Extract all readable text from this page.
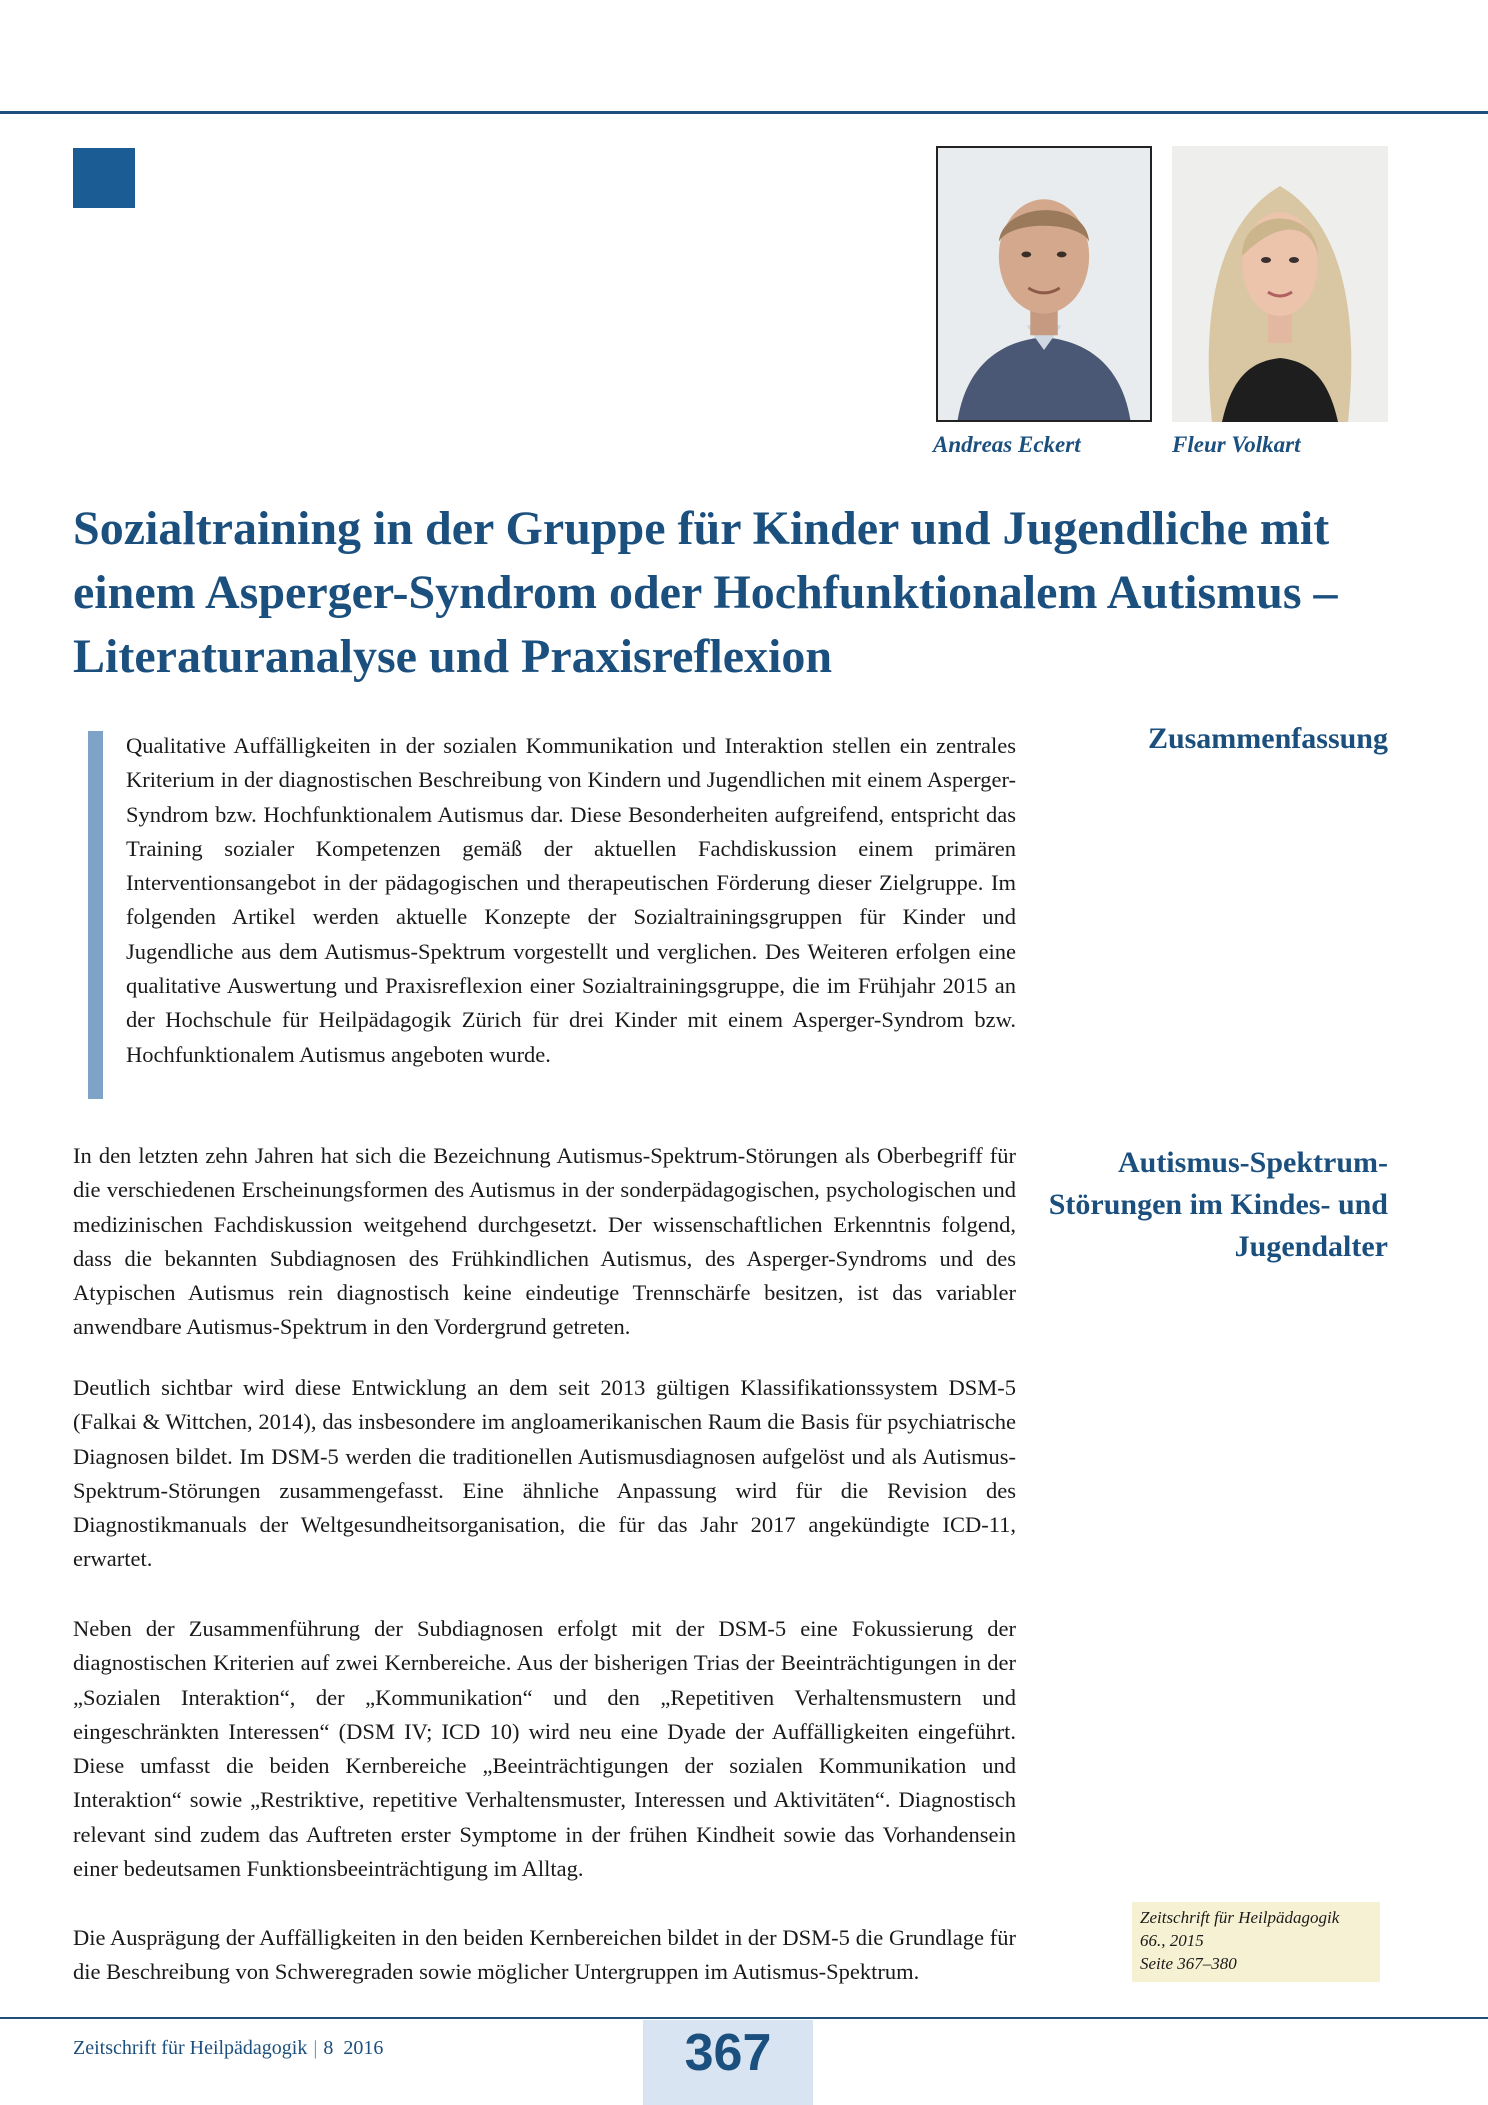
Andreas Eckert	Fleur Volkart
Sozialtraining in der Gruppe für Kinder und Jugendliche mit einem Asperger-Syndrom oder Hochfunktionalem Autismus – Literaturanalyse und Praxisreflexion

Qualitative Auffälligkeiten in der sozialen Kommunikation und Interaktion stellen ein zentrales Kriterium in der diagnostischen Beschreibung von Kindern und Jugendlichen mit einem Asperger-Syndrom bzw. Hochfunktionalem Autismus dar. Diese Besonderheiten aufgreifend, entspricht das Training sozialer Kompetenzen gemäß der aktuellen Fachdiskussion einem primären Interventionsangebot in der pädagogischen und therapeutischen Förderung dieser Zielgruppe. Im folgenden Artikel werden aktuelle Konzepte der Sozialtrainingsgruppen für Kinder und Jugendliche aus dem Autismus-Spektrum vorgestellt und verglichen. Des Weiteren erfolgen eine qualitative Auswertung und Praxisreflexion einer Sozialtrainingsgruppe, die im Frühjahr 2015 an der Hochschule für Heilpädagogik Zürich für drei Kinder mit einem Asperger-Syndrom bzw. Hochfunktionalem Autismus angeboten wurde.

Zusammenfassung
Autismus-Spektrum-Störungen im Kindes- und Jugendalter

In den letzten zehn Jahren hat sich die Bezeichnung Autismus-Spektrum-Störungen als Oberbegriff für die verschiedenen Erscheinungsformen des Autismus in der sonderpädagogischen, psychologischen und medizinischen Fachdiskussion weitgehend durchgesetzt. Der wissenschaftlichen Erkenntnis folgend, dass die bekannten Subdiagnosen des Frühkindlichen Autismus, des Asperger-Syndroms und des Atypischen Autismus rein diagnostisch keine eindeutige Trennschärfe besitzen, ist das variabler anwendbare Autismus-Spektrum in den Vordergrund getreten.

Deutlich sichtbar wird diese Entwicklung an dem seit 2013 gültigen Klassifikationssystem DSM-5 (Falkai & Wittchen, 2014), das insbesondere im angloamerikanischen Raum die Basis für psychiatrische Diagnosen bildet. Im DSM-5 werden die traditionellen Autismusdiagnosen aufgelöst und als Autismus-Spektrum-Störungen zusammengefasst. Eine ähnliche Anpassung wird für die Revision des Diagnostikmanuals der Weltgesundheitsorganisation, die für das Jahr 2017 angekündigte ICD-11, erwartet.

Neben der Zusammenführung der Subdiagnosen erfolgt mit der DSM-5 eine Fokussierung der diagnostischen Kriterien auf zwei Kernbereiche. Aus der bisherigen Trias der Beeinträchtigungen in der „Sozialen Interaktion“, der „Kommunikation“ und den „Repetitiven Verhaltensmustern und eingeschränkten Interessen“ (DSM IV; ICD 10) wird neu eine Dyade der Auffälligkeiten eingeführt. Diese umfasst die beiden Kernbereiche „Beeinträchtigungen der sozialen Kommunikation und Interaktion“ sowie „Restriktive, repetitive Verhaltensmuster, Interessen und Aktivitäten“. Diagnostisch relevant sind zudem das Auftreten erster Symptome in der frühen Kindheit sowie das Vorhandensein einer bedeutsamen Funktionsbeeinträchtigung im Alltag.

Die Ausprägung der Auffälligkeiten in den beiden Kernbereichen bildet in der DSM-5 die Grundlage für die Beschreibung von Schweregraden sowie möglicher Untergruppen im Autismus-Spektrum.

Zeitschrift für Heilpädagogik
66., 2015
Seite 367–380
Zeitschrift für Heilpädagogik | 8  2016	367
